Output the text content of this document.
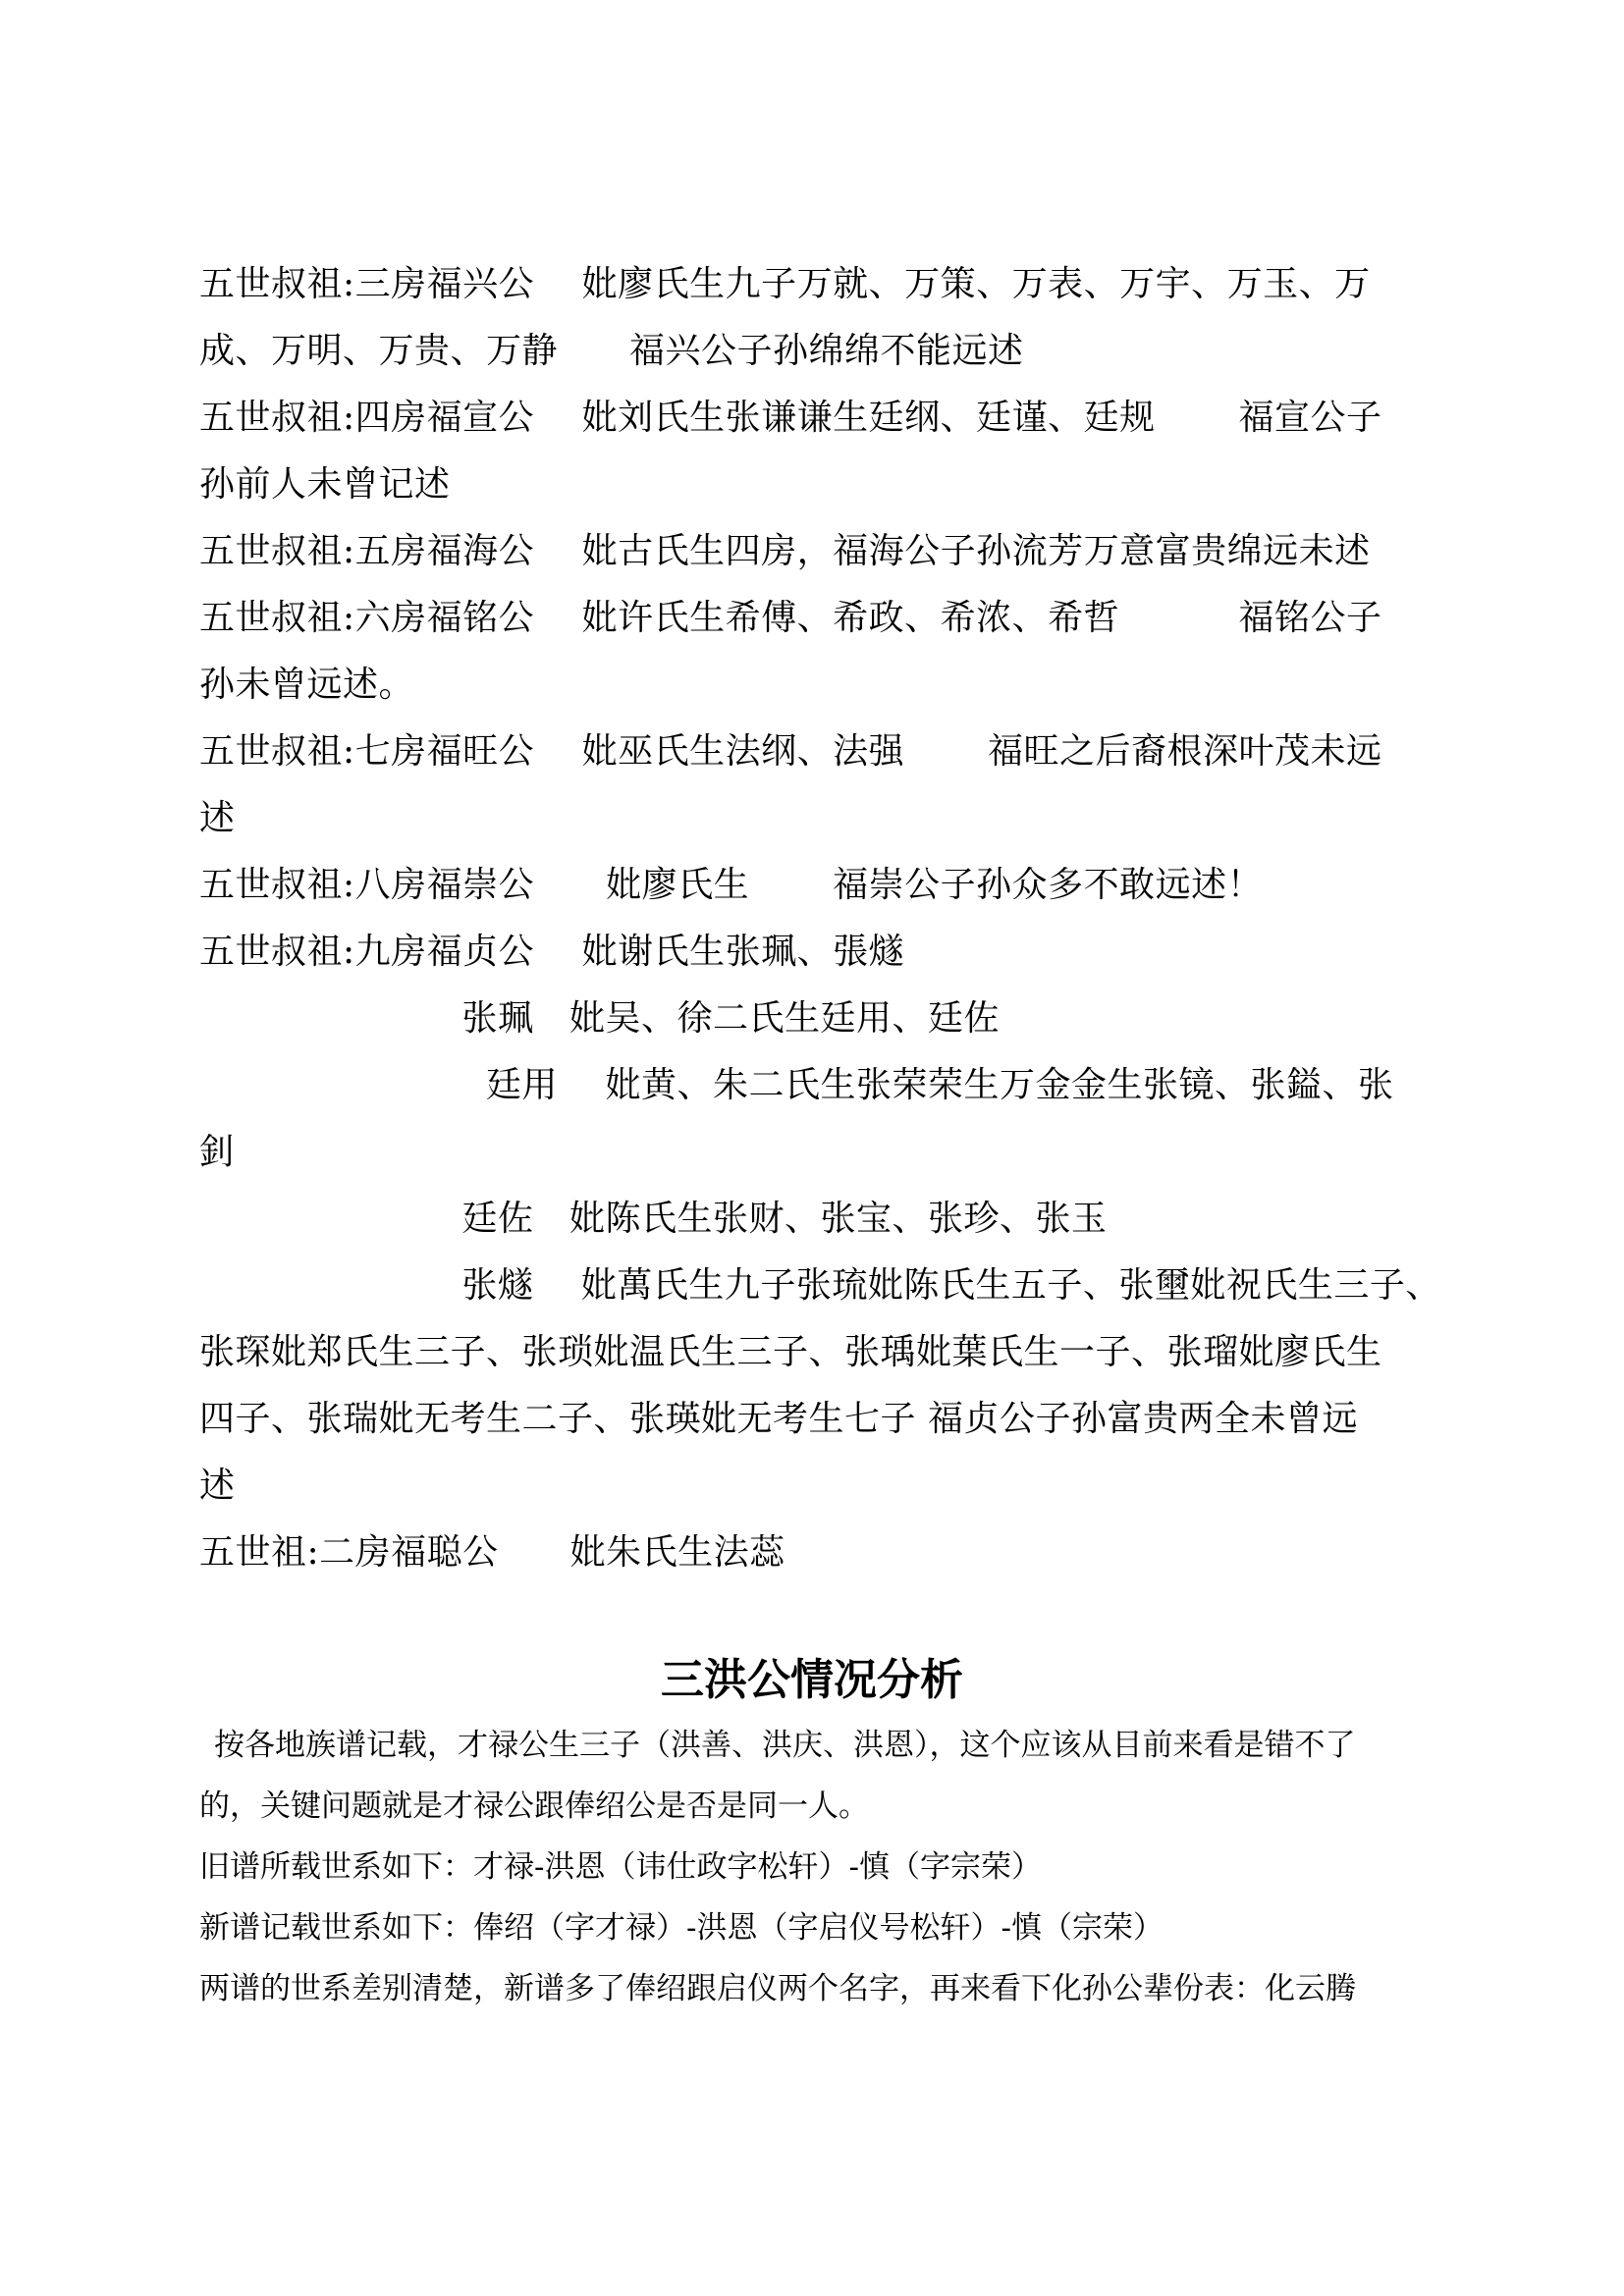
五世叔祖:三房福兴公　 妣廖氏生九子万就、万策、万表、万宇、万玉、万
成、万明、万贵、万静　　福兴公子孙绵绵不能远述
五世叔祖:四房福宣公　 妣刘氏生张谦谦生廷纲、廷谨、廷规　　 福宣公子
孙前人未曾记述
五世叔祖:五房福海公　 妣古氏生四房，福海公子孙流芳万意富贵绵远未述
五世叔祖:六房福铭公　 妣许氏生希傅、希政、希浓、希哲　　　 福铭公子
孙未曾远述。
五世叔祖:七房福旺公　 妣巫氏生法纲、法强　　 福旺之后裔根深叶茂未远
述
五世叔祖:八房福崇公　　妣廖氏生　　 福崇公子孙众多不敢远述！
五世叔祖:九房福贞公　 妣谢氏生张珮、張燧
　　　　　　　 张珮　妣吴、徐二氏生廷用、廷佐
　　　　　　　　廷用　 妣黄、朱二氏生张荣荣生万金金生张镜、张鎰、张
釗
　　　　　　　 廷佐　妣陈氏生张财、张宝、张珍、张玉
　　　　　　　 张燧　 妣萬氏生九子张琉妣陈氏生五子、张壐妣祝氏生三子、
张琛妣郑氏生三子、张琐妣温氏生三子、张瑀妣葉氏生一子、张瑠妣廖氏生
四子、张瑞妣无考生二子、张瑛妣无考生七子 福贞公子孙富贵两全未曾远
述
五世祖:二房福聪公　　妣朱氏生法蕊
三洪公情况分析
按各地族谱记载，才禄公生三子（洪善、洪庆、洪恩），这个应该从目前来看是错不了
的，关键问题就是才禄公跟俸绍公是否是同一人。
旧谱所载世系如下：才禄-洪恩（讳仕政字松轩）-慎（字宗荣）
新谱记载世系如下：俸绍（字才禄）-洪恩（字启仪号松轩）-慎（宗荣）
两谱的世系差别清楚，新谱多了俸绍跟启仪两个名字，再来看下化孙公辈份表：化云腾
